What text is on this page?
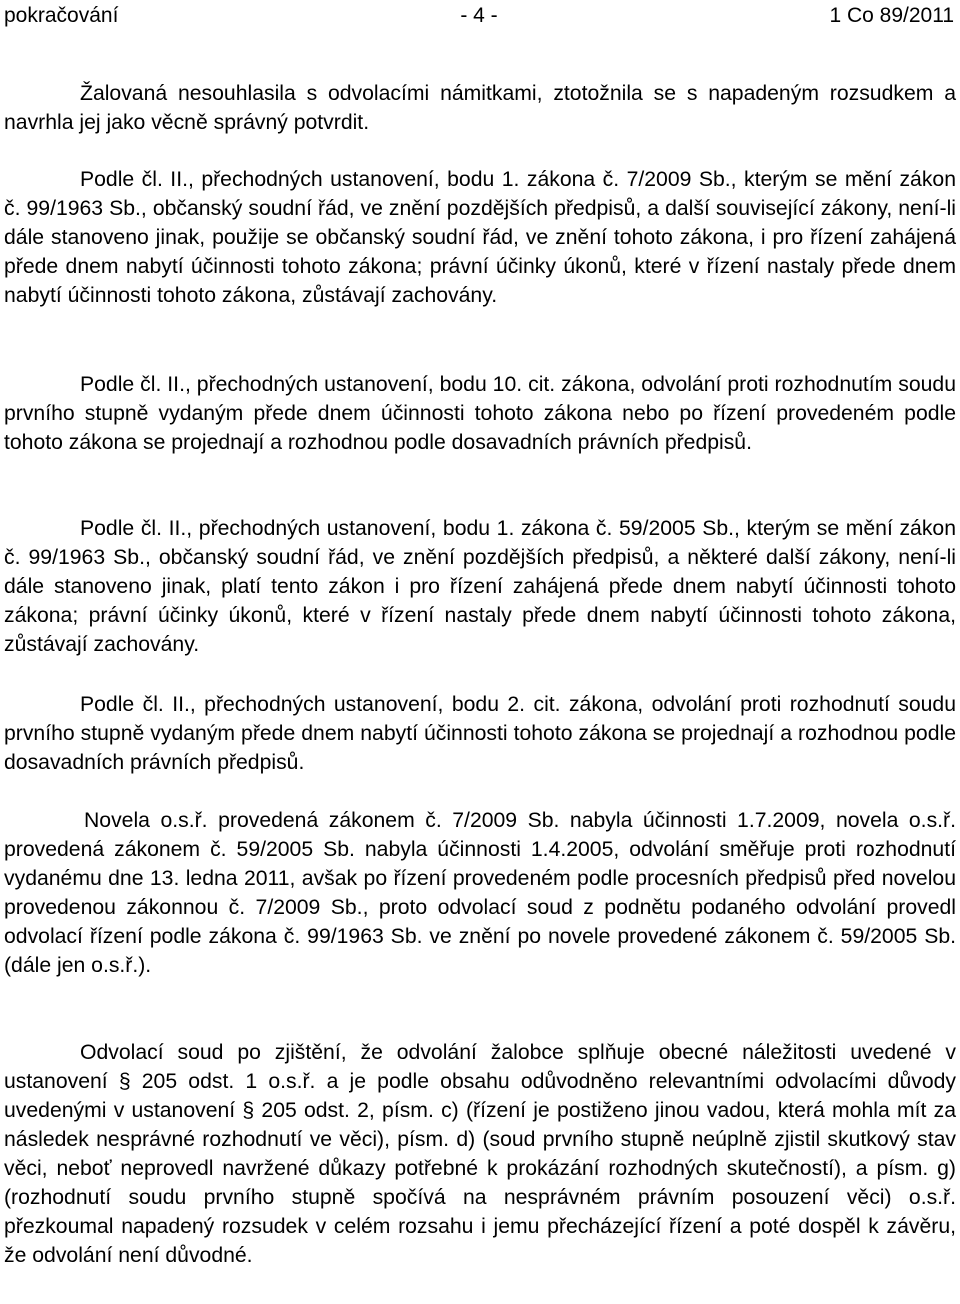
pokračování	- 4 -	1 Co 89/2011

Žalovaná nesouhlasila s odvolacími námitkami, ztotožnila se s napadeným rozsudkem a navrhla jej jako věcně správný potvrdit.

Podle čl. II., přechodných ustanovení, bodu 1. zákona č. 7/2009 Sb., kterým se mění zákon č. 99/1963 Sb., občanský soudní řád, ve znění pozdějších předpisů, a další související zákony, není-li dále stanoveno jinak, použije se občanský soudní řád, ve znění tohoto zákona, i pro řízení zahájená přede dnem nabytí účinnosti tohoto zákona; právní účinky úkonů, které v řízení nastaly přede dnem nabytí účinnosti tohoto zákona, zůstávají zachovány.

Podle čl. II., přechodných ustanovení, bodu 10. cit. zákona, odvolání proti rozhodnutím soudu prvního stupně vydaným přede dnem účinnosti tohoto zákona nebo po řízení provedeném podle tohoto zákona se projednají a rozhodnou podle dosavadních právních předpisů.

Podle čl. II., přechodných ustanovení, bodu 1. zákona č. 59/2005 Sb., kterým se mění zákon č. 99/1963 Sb., občanský soudní řád, ve znění pozdějších předpisů, a některé další zákony, není-li dále stanoveno jinak, platí tento zákon i pro řízení zahájená přede dnem nabytí účinnosti tohoto zákona; právní účinky úkonů, které v řízení nastaly přede dnem nabytí účinnosti tohoto zákona, zůstávají zachovány.

Podle čl. II., přechodných ustanovení, bodu 2. cit. zákona, odvolání proti rozhodnutí soudu prvního stupně vydaným přede dnem nabytí účinnosti tohoto zákona se projednají a rozhodnou podle dosavadních právních předpisů.

Novela o.s.ř. provedená zákonem č. 7/2009 Sb. nabyla účinnosti 1.7.2009, novela o.s.ř. provedená zákonem č. 59/2005 Sb. nabyla účinnosti 1.4.2005, odvolání směřuje proti rozhodnutí vydanému dne 13. ledna 2011, avšak po řízení provedeném podle procesních předpisů před novelou provedenou zákonnou č. 7/2009 Sb., proto odvolací soud z podnětu podaného odvolání provedl odvolací řízení podle zákona č. 99/1963 Sb. ve znění po novele provedené zákonem č. 59/2005 Sb. (dále jen o.s.ř.).

Odvolací soud po zjištění, že odvolání žalobce splňuje obecné náležitosti uvedené v ustanovení § 205 odst. 1 o.s.ř. a je podle obsahu odůvodněno relevantními odvolacími důvody uvedenými v ustanovení § 205 odst. 2, písm. c) (řízení je postiženo jinou vadou, která mohla mít za následek nesprávné rozhodnutí ve věci), písm. d) (soud prvního stupně neúplně zjistil skutkový stav věci, neboť neprovedl navržené důkazy potřebné k prokázání rozhodných skutečností), a písm. g) (rozhodnutí soudu prvního stupně spočívá na nesprávném právním posouzení věci) o.s.ř. přezkoumal napadený rozsudek v celém rozsahu i jemu přecházející řízení a poté dospěl k závěru, že odvolání není důvodné.
